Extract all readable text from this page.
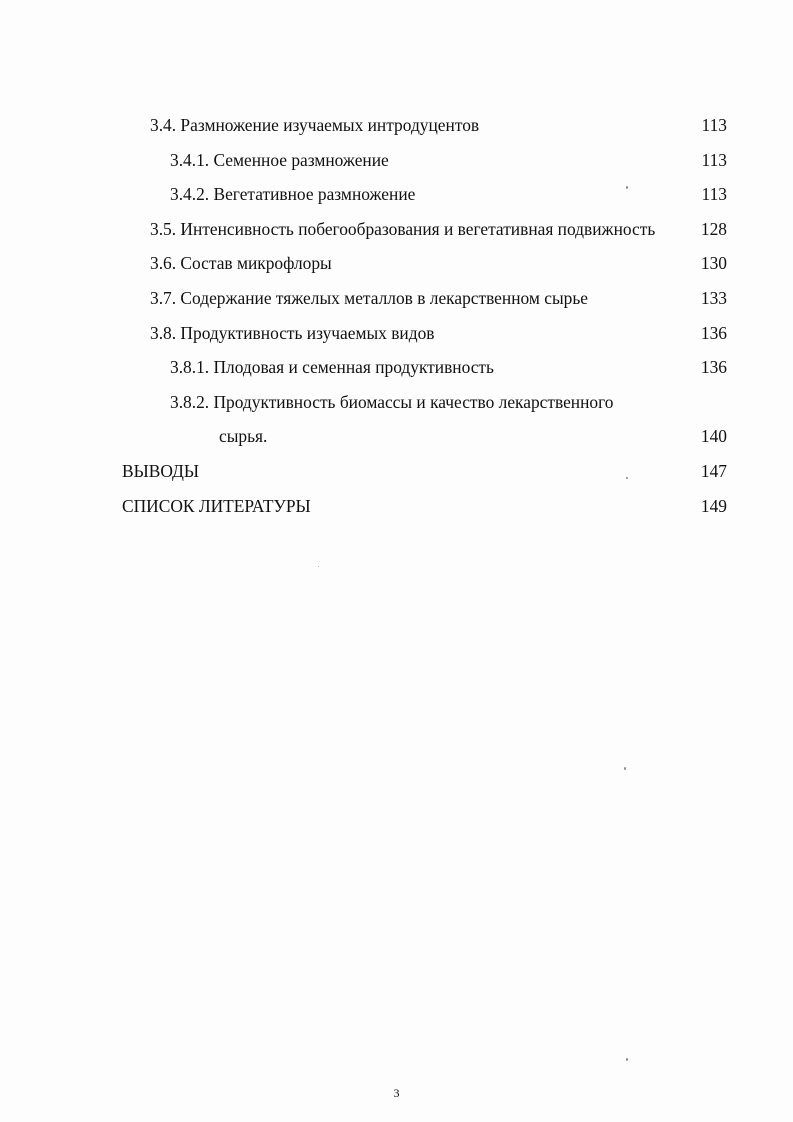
3.4. Размножение изучаемых интродуцентов	113
3.4.1. Семенное размножение	113
3.4.2. Вегетативное размножение	113
3.5. Интенсивность побегообразования и вегетативная подвижность	128
3.6. Состав микрофлоры	130
3.7. Содержание тяжелых металлов в лекарственном сырье	133
3.8. Продуктивность изучаемых видов	136
3.8.1. Плодовая и семенная продуктивность	136
3.8.2. Продуктивность биомассы и качество лекарственного
сырья.	140
ВЫВОДЫ	147
СПИСОК ЛИТЕРАТУРЫ	149
3
